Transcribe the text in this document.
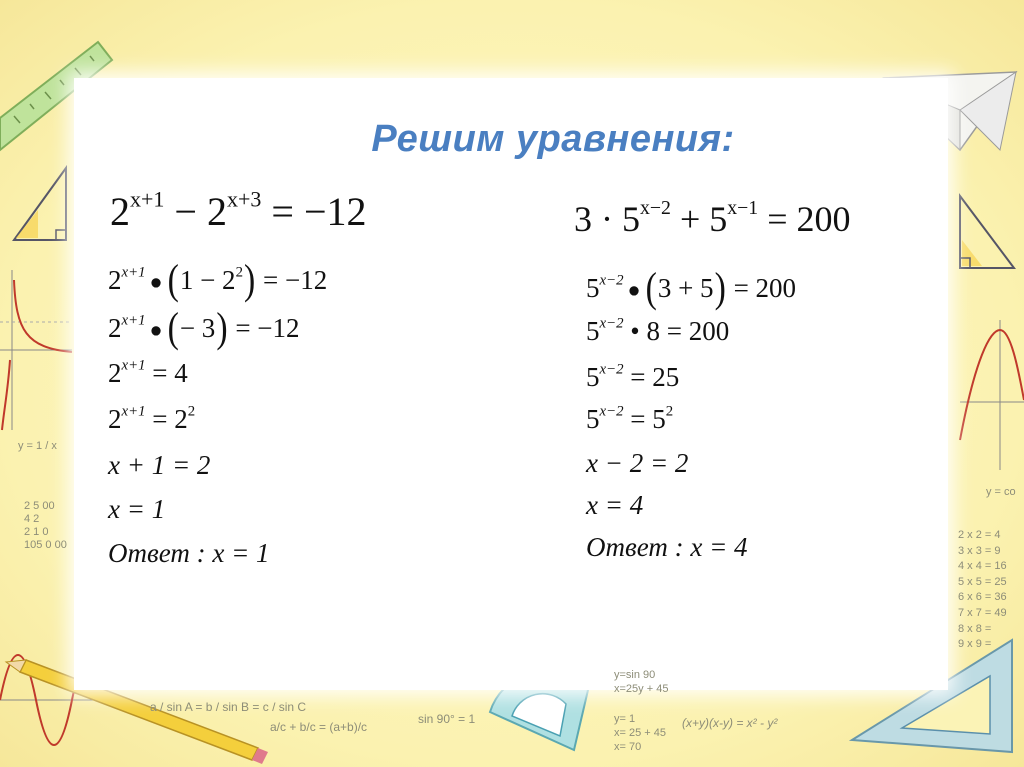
y = 1 / x
y = co
2 x 2 = 4
3 x 3 = 9
4 x 4 = 16
5 x 5 = 25
6 x 6 = 36
7 x 7 = 49
8 x 8 =
9 x 9 =
2 5 00
4 2
2 1 0
105 0 00
sin 90° = 1
y=sin 90
x=25y + 45
y= 1
x= 25 + 45
x= 70
(x+y)(x-y) = x² - y²
a / sin A = b / sin B = c / sin C
a/c + b/c = (a+b)/c
Решим уравнения:
$2^{x+1} - 2^{x+3} = -12$
$2^{x+1}$ ● $(1 - 2^2) = -12$
$2^{x+1}$ ● (− 3) = −12
$2^{x+1} = 4$
$2^{x+1} = 2^2$
x + 1 = 2
x = 1
Ответ : x = 1
$3 \cdot 5^{x-2} + 5^{x-1} = 200$
$5^{x-2}$ ● (3 + 5) = 200
$5^{x-2}$ • 8 = 200
$5^{x-2} = 25$
$5^{x-2} = 5^2$
x − 2 = 2
x = 4
Ответ : x = 4
